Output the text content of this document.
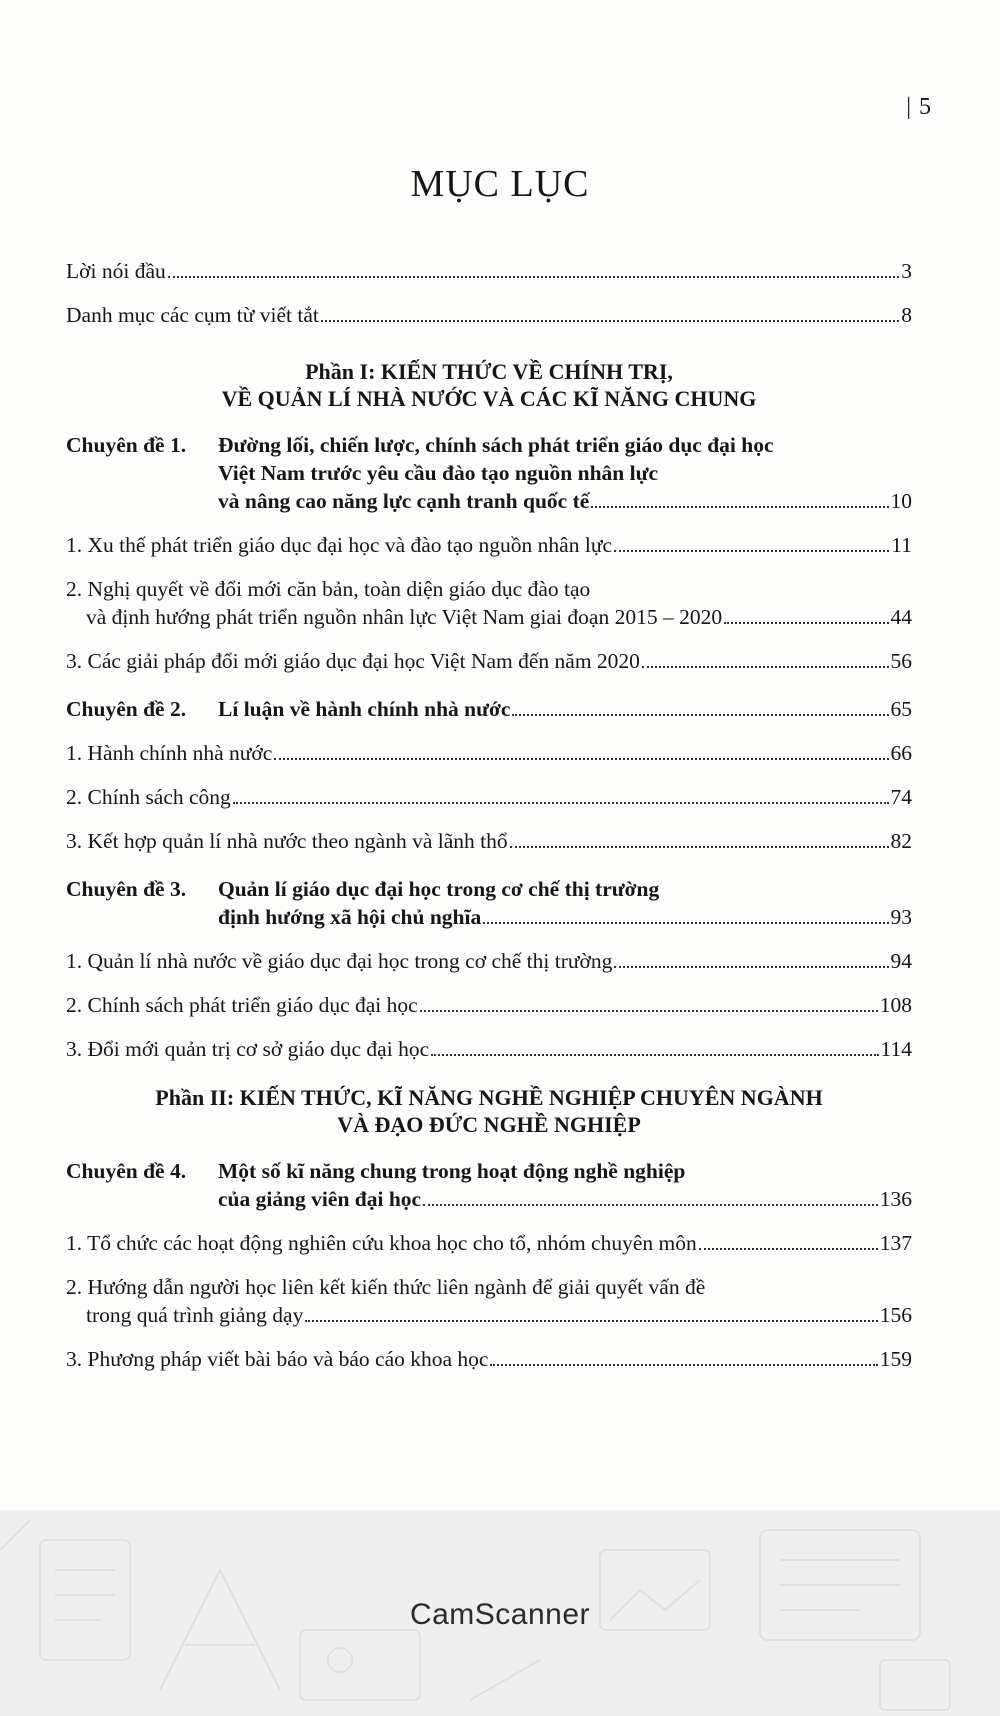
| 5
MỤC LỤC
Lời nói đầu	3
Danh mục các cụm từ viết tắt	8
Phần I: KIẾN THỨC VỀ CHÍNH TRỊ,
VỀ QUẢN LÍ NHÀ NƯỚC VÀ CÁC KĨ NĂNG CHUNG
Chuyên đề 1.	Đường lối, chiến lược, chính sách phát triển giáo dục đại học
Việt Nam trước yêu cầu đào tạo nguồn nhân lực
và nâng cao năng lực cạnh tranh quốc tế	10
1. Xu thế phát triển giáo dục đại học và đào tạo nguồn nhân lực	11
2. Nghị quyết về đổi mới căn bản, toàn diện giáo dục đào tạo
và định hướng phát triển nguồn nhân lực Việt Nam giai đoạn 2015 – 2020	44
3. Các giải pháp đổi mới giáo dục đại học Việt Nam đến năm 2020	56
Chuyên đề 2.	Lí luận về hành chính nhà nước	65
1. Hành chính nhà nước	66
2. Chính sách công	74
3. Kết hợp quản lí nhà nước theo ngành và lãnh thổ	82
Chuyên đề 3.	Quản lí giáo dục đại học trong cơ chế thị trường
định hướng xã hội chủ nghĩa	93
1. Quản lí nhà nước về giáo dục đại học trong cơ chế thị trường	94
2. Chính sách phát triển giáo dục đại học	108
3. Đổi mới quản trị cơ sở giáo dục đại học	114
Phần II: KIẾN THỨC, KĨ NĂNG NGHỀ NGHIỆP CHUYÊN NGÀNH
VÀ ĐẠO ĐỨC NGHỀ NGHIỆP
Chuyên đề 4.	Một số kĩ năng chung trong hoạt động nghề nghiệp
của giảng viên đại học	136
1. Tổ chức các hoạt động nghiên cứu khoa học cho tổ, nhóm chuyên môn	137
2. Hướng dẫn người học liên kết kiến thức liên ngành để giải quyết vấn đề
trong quá trình giảng dạy	156
3. Phương pháp viết bài báo và báo cáo khoa học	159
CamScanner
